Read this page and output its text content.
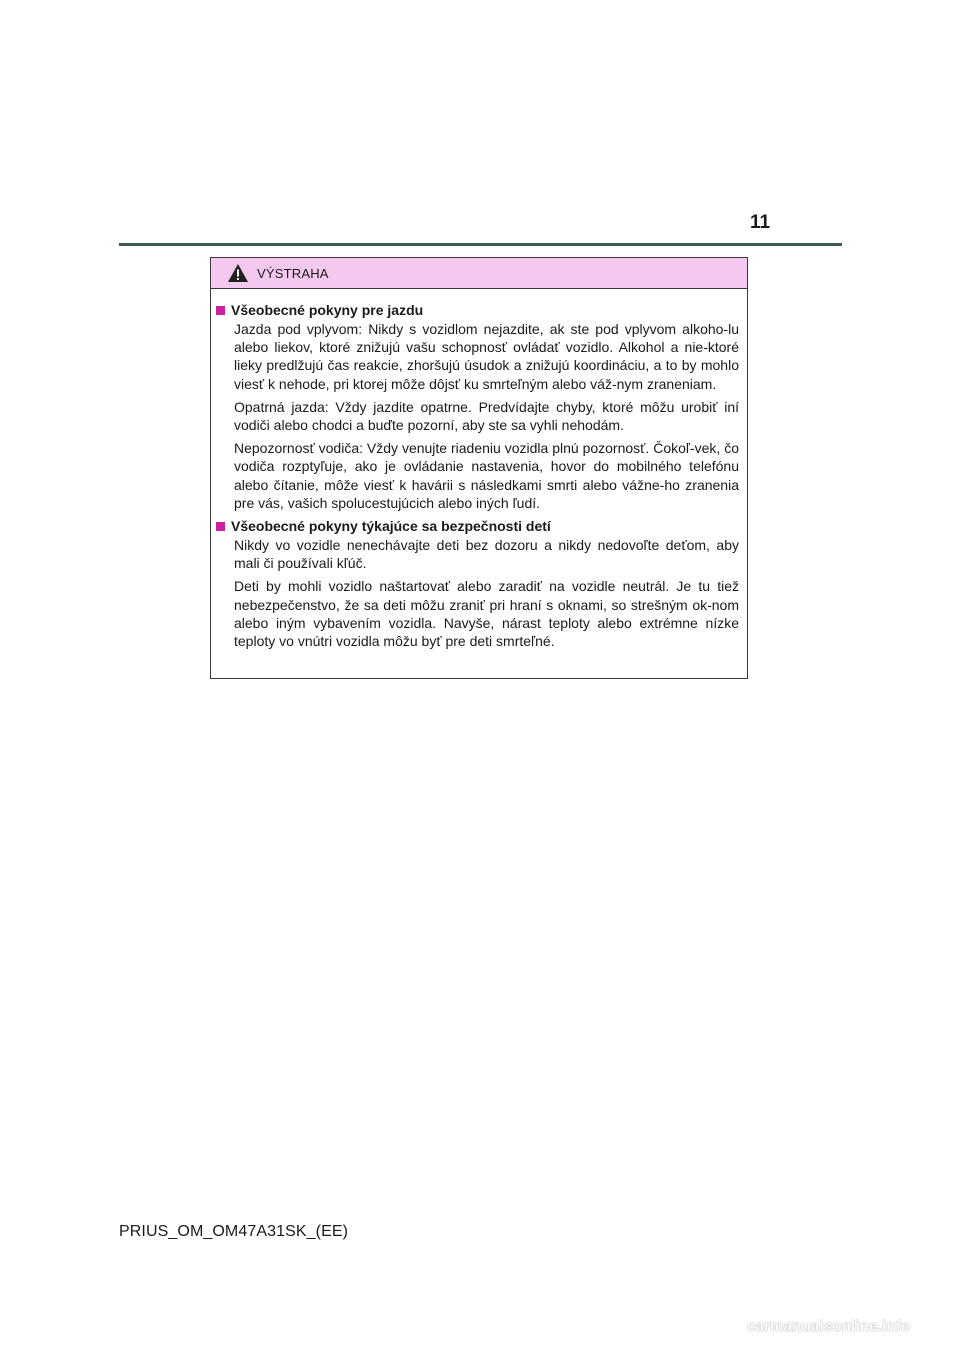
11
VÝSTRAHA
Všeobecné pokyny pre jazdu

Jazda pod vplyvom: Nikdy s vozidlom nejazdite, ak ste pod vplyvom alkoho-lu alebo liekov, ktoré znižujú vašu schopnosť ovládať vozidlo. Alkohol a nie-ktoré lieky predlžujú čas reakcie, zhoršujú úsudok a znižujú koordináciu, a to by mohlo viesť k nehode, pri ktorej môže dôjsť ku smrteľným alebo váž-nym zraneniam.

Opatrná jazda: Vždy jazdite opatrne. Predvídajte chyby, ktoré môžu urobiť iní vodiči alebo chodci a buďte pozorní, aby ste sa vyhli nehodám.

Nepozornosť vodiča: Vždy venujte riadeniu vozidla plnú pozornosť. Čokoľ-vek, čo vodiča rozptyľuje, ako je ovládanie nastavenia, hovor do mobilného telefónu alebo čítanie, môže viesť k havárii s následkami smrti alebo vážne-ho zranenia pre vás, vašich spolucestujúcich alebo iných ľudí.

Všeobecné pokyny týkajúce sa bezpečnosti detí

Nikdy vo vozidle nenechávajte deti bez dozoru a nikdy nedovoľte deťom, aby mali či používali kľúč.

Deti by mohli vozidlo naštartovať alebo zaradiť na vozidle neutrál. Je tu tiež nebezpečenstvo, že sa deti môžu zraniť pri hraní s oknami, so strešným ok-nom alebo iným vybavením vozidla. Navyše, nárast teploty alebo extrémne nízke teploty vo vnútri vozidla môžu byť pre deti smrteľné.

PRIUS_OM_OM47A31SK_(EE)
carmanualsonline.info
